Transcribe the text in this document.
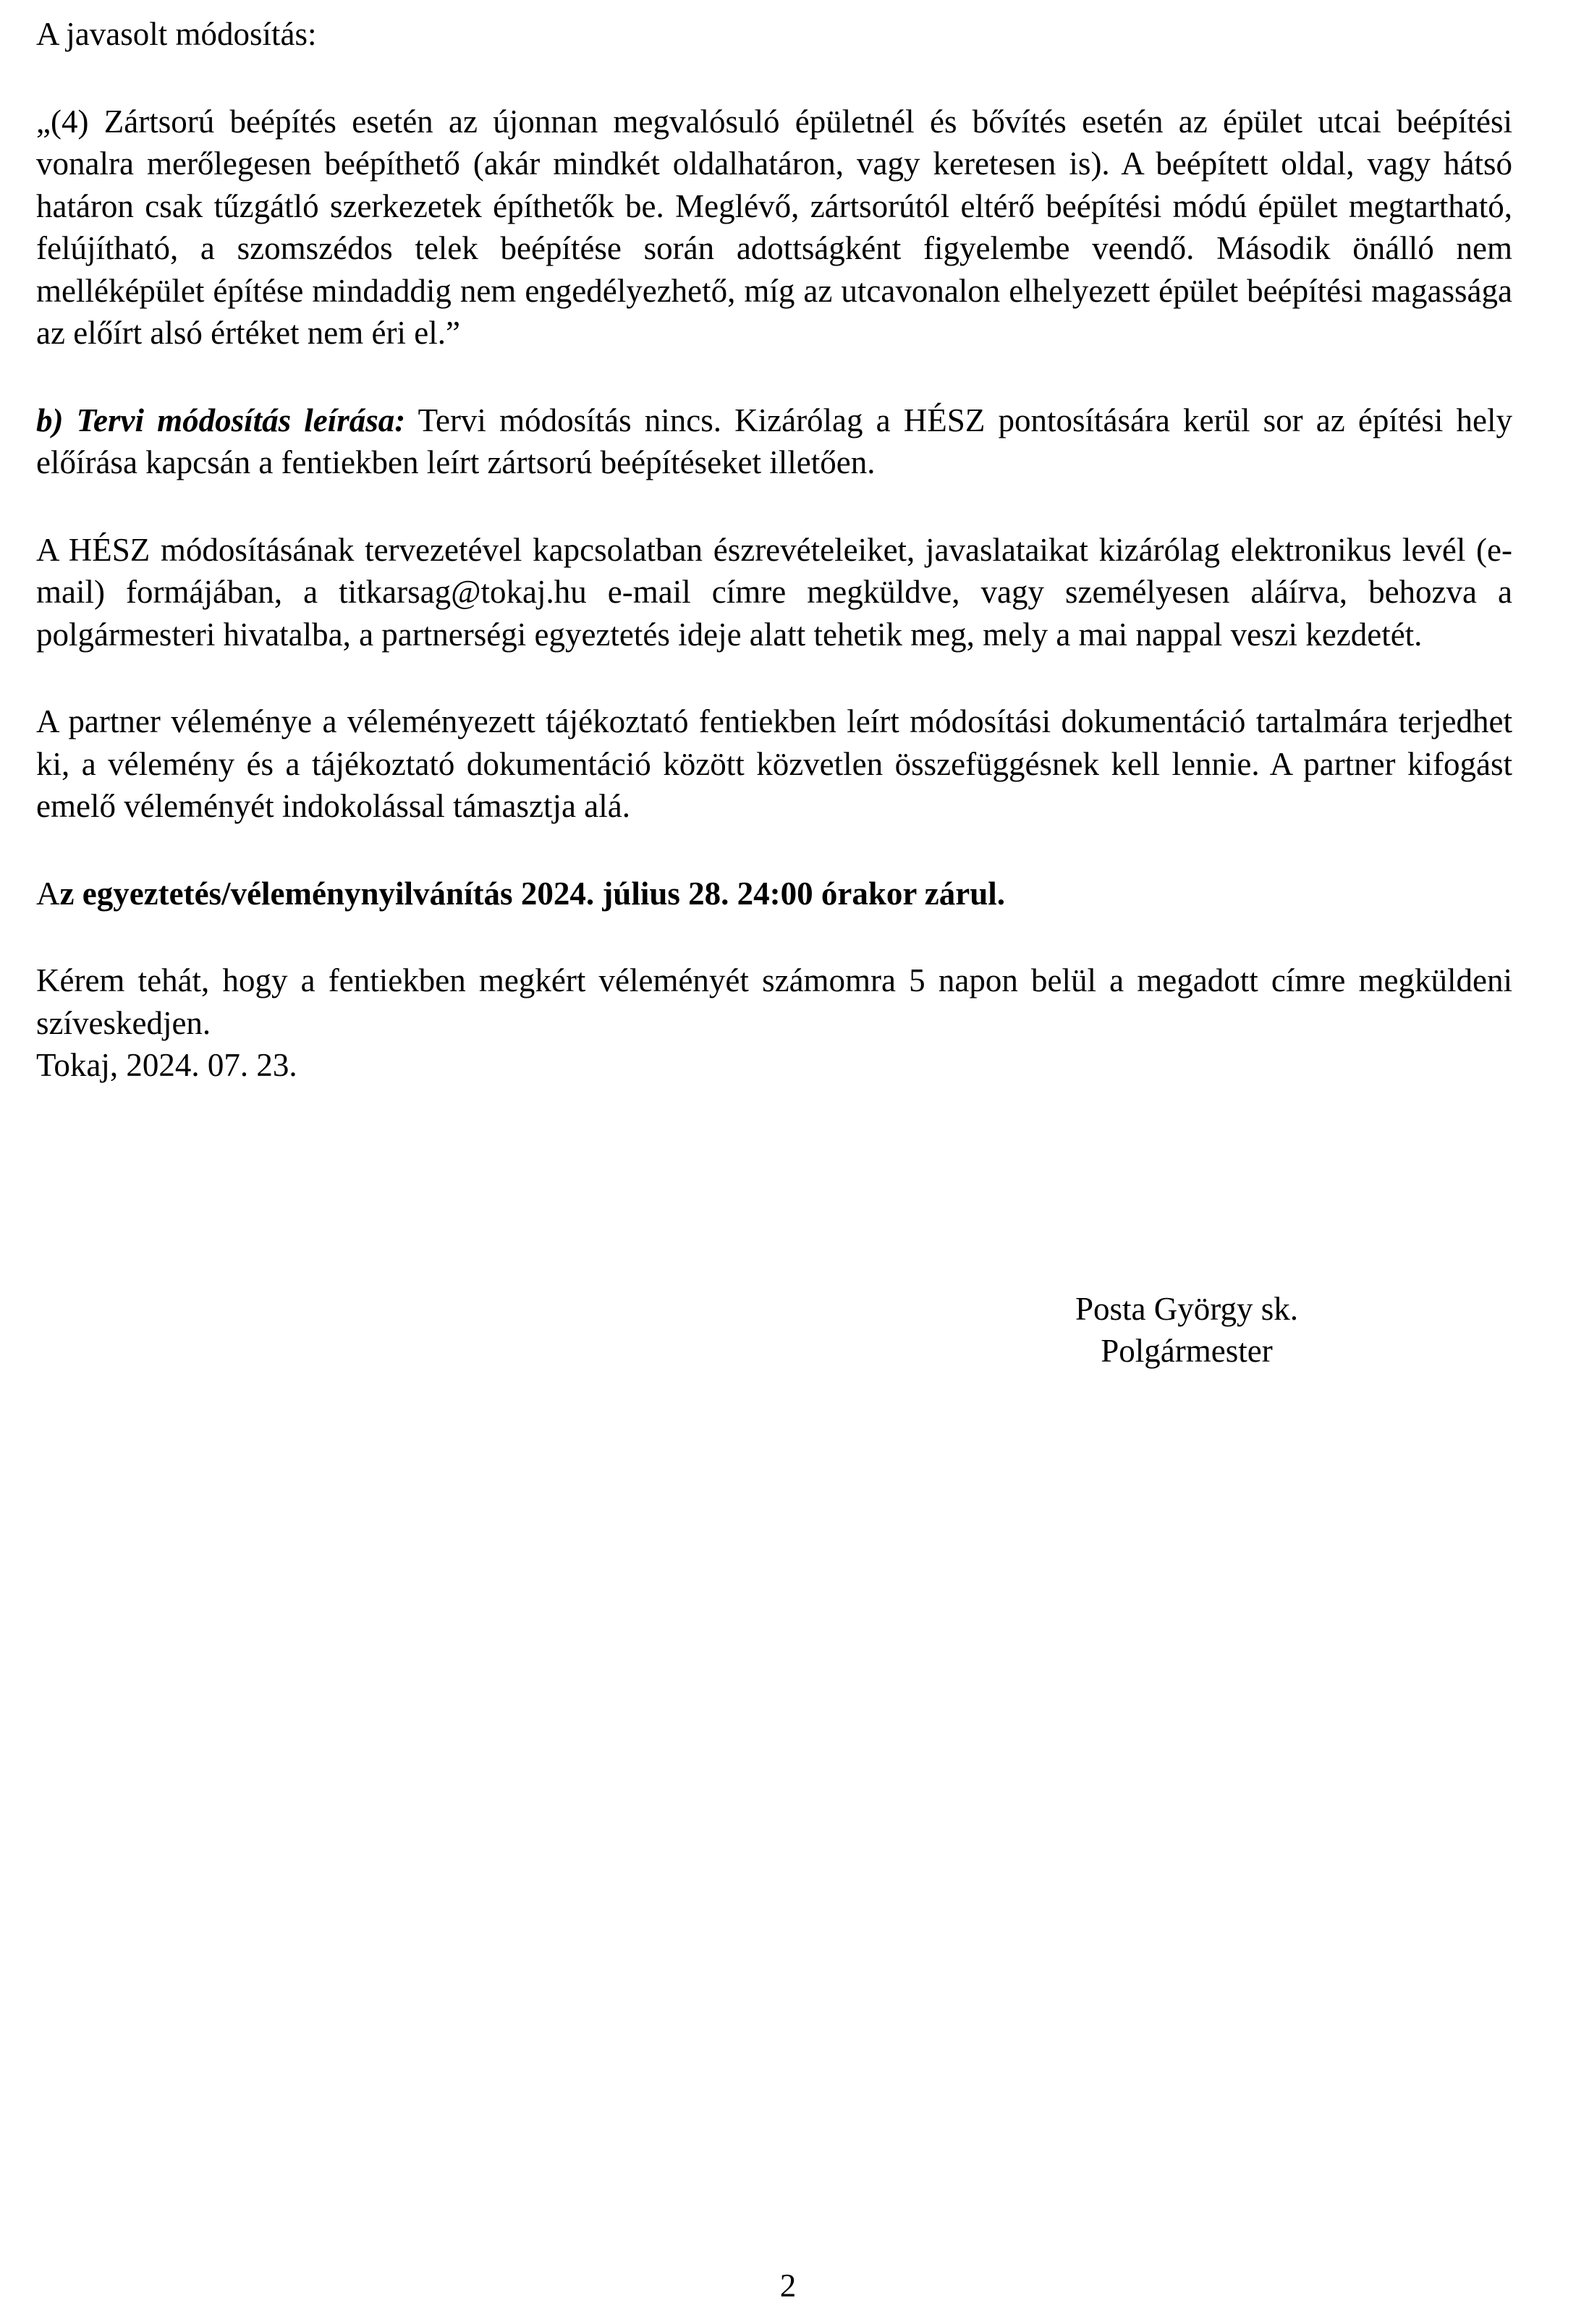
A javasolt módosítás:

„(4) Zártsorú beépítés esetén az újonnan megvalósuló épületnél és bővítés esetén az épület utcai beépítési vonalra merőlegesen beépíthető (akár mindkét oldalhatáron, vagy keretesen is). A beépített oldal, vagy hátsó határon csak tűzgátló szerkezetek építhetők be. Meglévő, zártsorútól eltérő beépítési módú épület megtartható, felújítható, a szomszédos telek beépítése során adottságként figyelembe veendő. Második önálló nem melléképület építése mindaddig nem engedélyezhető, míg az utcavonalon elhelyezett épület beépítési magassága az előírt alsó értéket nem éri el.”

b) Tervi módosítás leírása: Tervi módosítás nincs. Kizárólag a HÉSZ pontosítására kerül sor az építési hely előírása kapcsán a fentiekben leírt zártsorú beépítéseket illetően.

A HÉSZ módosításának tervezetével kapcsolatban észrevételeiket, javaslataikat kizárólag elektronikus levél (e-mail) formájában, a titkarsag@tokaj.hu e-mail címre megküldve, vagy személyesen aláírva, behozva a polgármesteri hivatalba, a partnerségi egyeztetés ideje alatt tehetik meg, mely a mai nappal veszi kezdetét.

A partner véleménye a véleményezett tájékoztató fentiekben leírt módosítási dokumentáció tartalmára terjedhet ki, a vélemény és a tájékoztató dokumentáció között közvetlen összefüggésnek kell lennie. A partner kifogást emelő véleményét indokolással támasztja alá.

Az egyeztetés/véleménynyilvánítás 2024. július 28. 24:00 órakor zárul.

Kérem tehát, hogy a fentiekben megkért véleményét számomra 5 napon belül a megadott címre megküldeni szíveskedjen.

Tokaj, 2024. 07. 23.

Posta György sk.
Polgármester
2
